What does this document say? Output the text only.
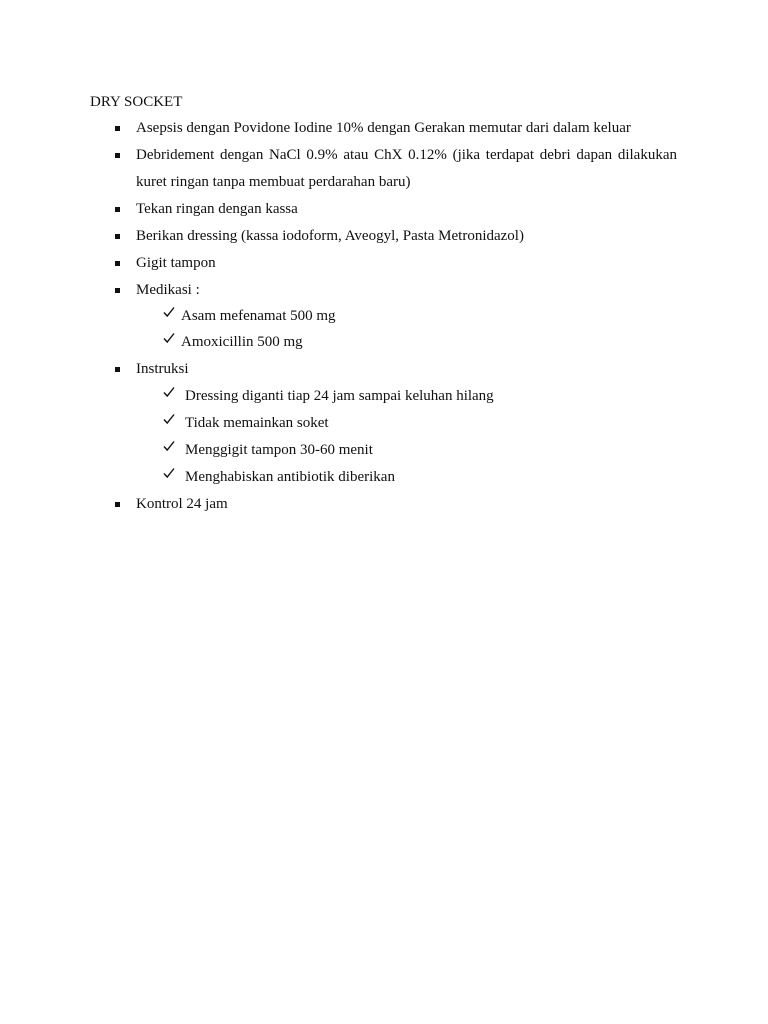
DRY SOCKET
Asepsis dengan Povidone Iodine 10% dengan Gerakan memutar dari dalam keluar
Debridement dengan NaCl 0.9% atau ChX 0.12% (jika terdapat debri dapan dilakukan kuret ringan tanpa membuat perdarahan baru)
Tekan ringan dengan kassa
Berikan dressing (kassa iodoform, Aveogyl, Pasta Metronidazol)
Gigit tampon
Medikasi :
Asam mefenamat 500 mg
Amoxicillin 500 mg
Instruksi
Dressing diganti tiap 24 jam sampai keluhan hilang
Tidak memainkan soket
Menggigit tampon 30-60 menit
Menghabiskan antibiotik diberikan
Kontrol 24 jam
